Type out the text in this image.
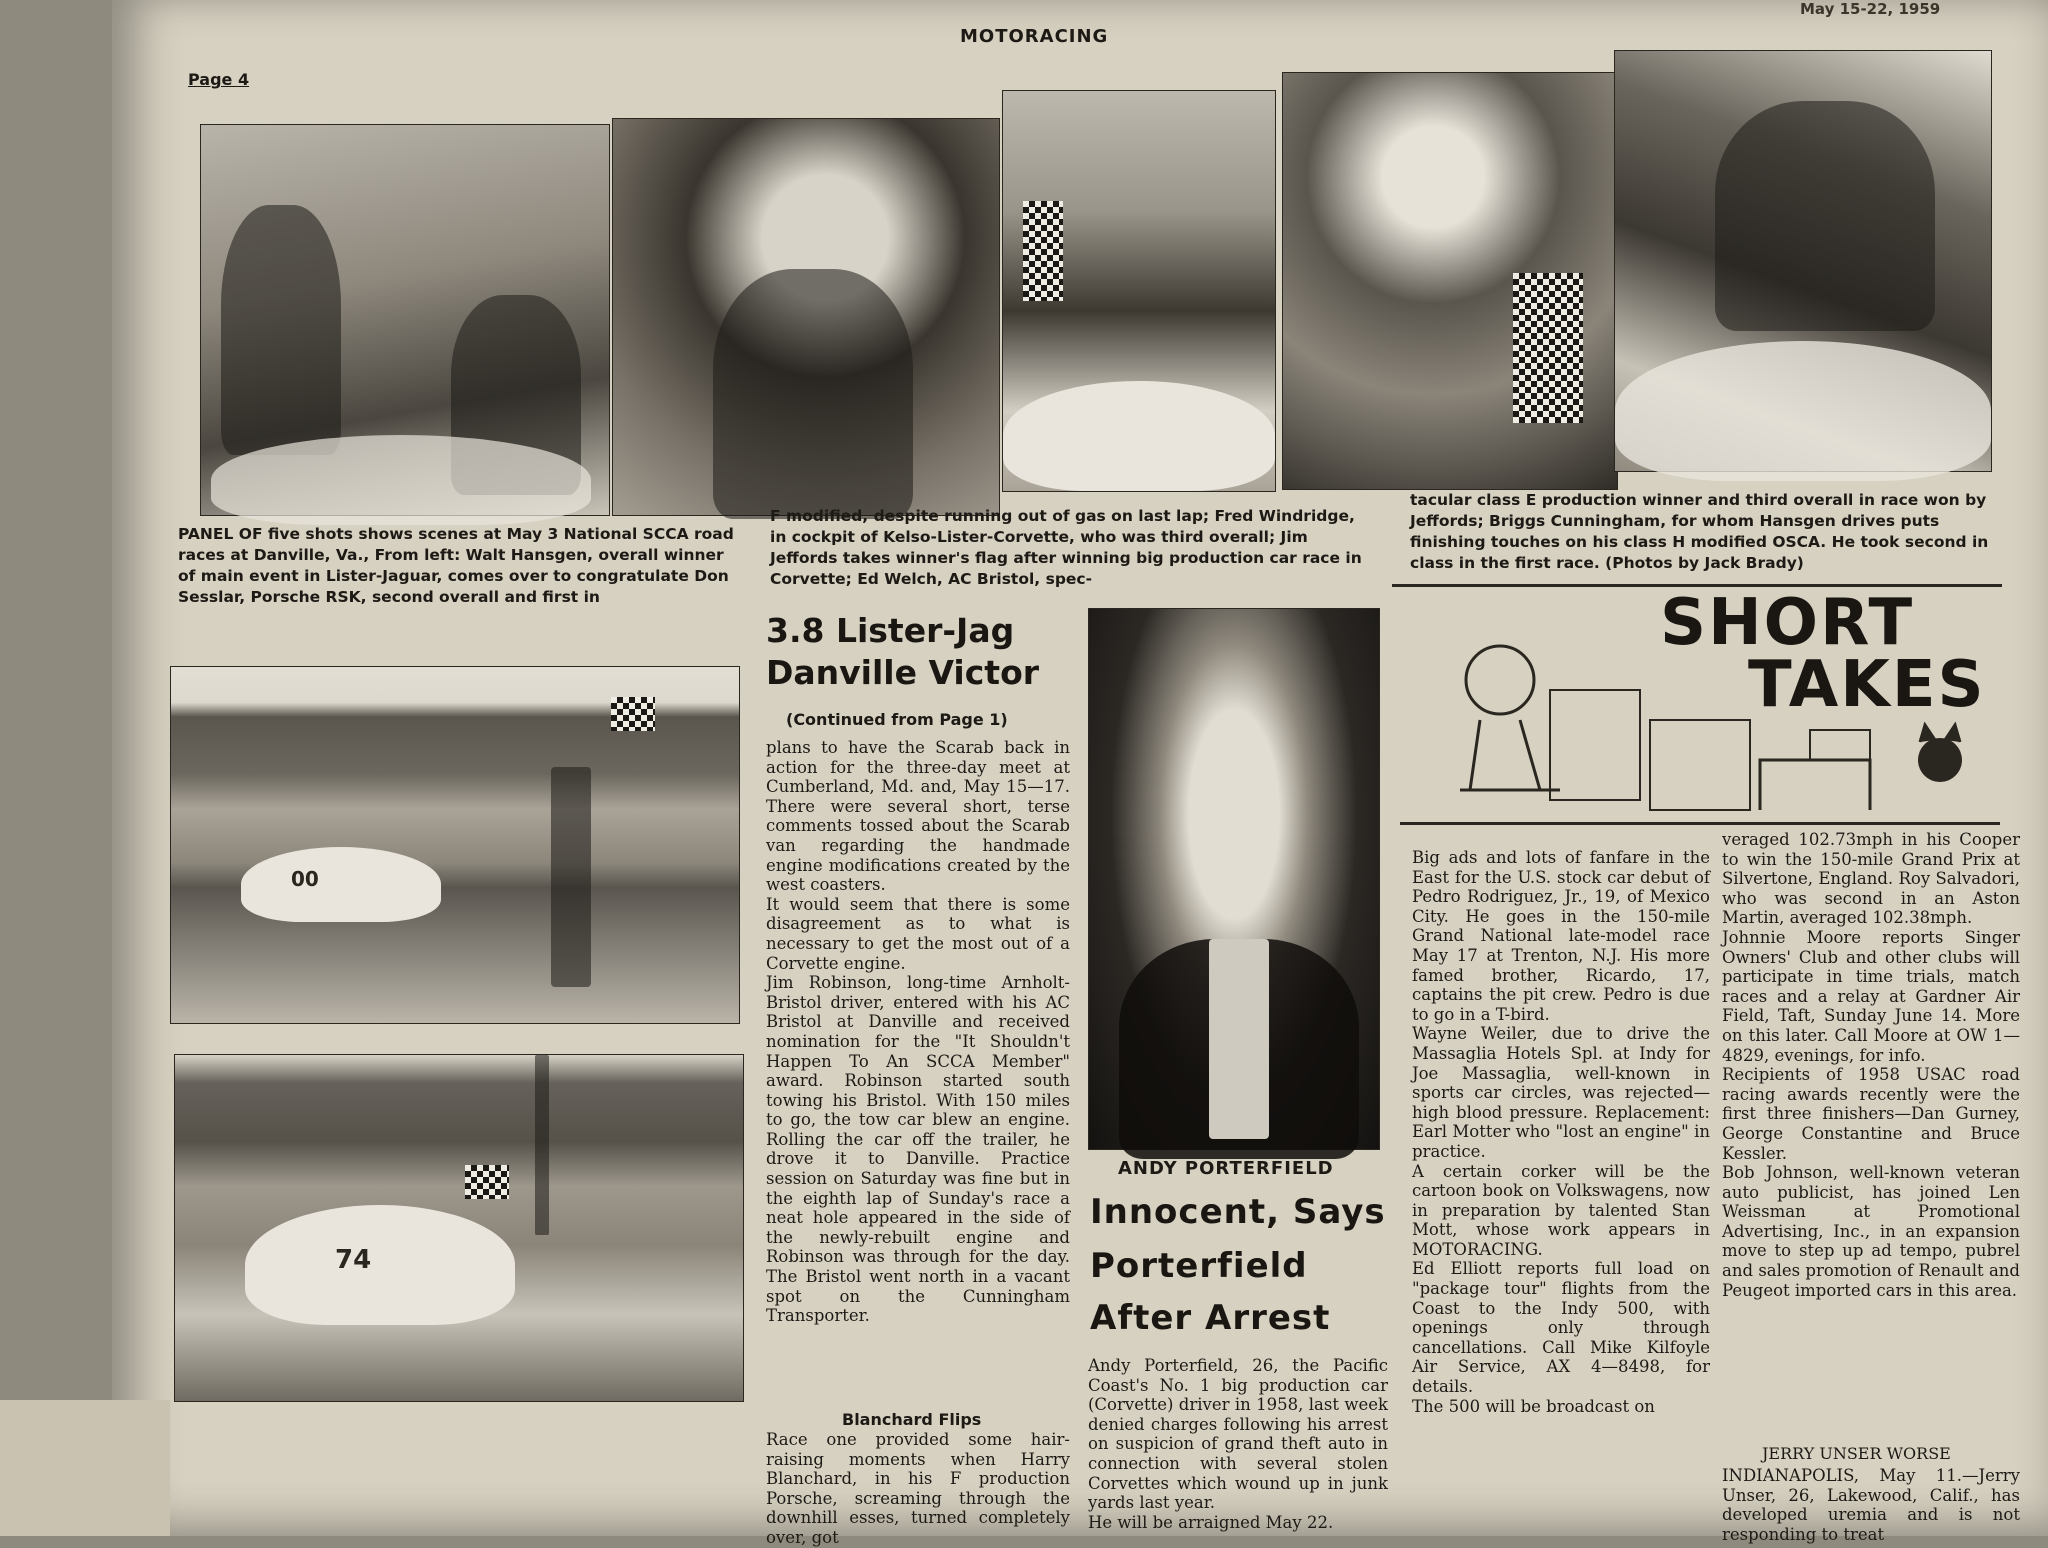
May 15-22, 1959
MOTORACING
Page 4
PANEL OF five shots shows scenes at May 3 National SCCA road races at Danville, Va., From left: Walt Hansgen, overall winner of main event in Lister-Jaguar, comes over to congratulate Don Sesslar, Porsche RSK, second overall and first in
F modified, despite running out of gas on last lap; Fred Windridge, in cockpit of Kelso-Lister-Corvette, who was third overall; Jim Jeffords takes winner's flag after winning big production car race in Corvette; Ed Welch, AC Bristol, spec-
tacular class E production winner and third overall in race won by Jeffords; Briggs Cunningham, for whom Hansgen drives puts finishing touches on his class H modified OSCA. He took second in class in the first race. (Photos by Jack Brady)
00
74
3.8 Lister-Jag Danville Victor
(Continued from Page 1)
plans to have the Scarab back in action for the three-day meet at Cumberland, Md. and, May 15—17. There were several short, terse comments tossed about the Scarab van regarding the handmade engine modifications created by the west coasters.
It would seem that there is some disagreement as to what is necessary to get the most out of a Corvette engine.
Jim Robinson, long-time Arnholt-Bristol driver, entered with his AC Bristol at Danville and received nomination for the "It Shouldn't Happen To An SCCA Member" award. Robinson started south towing his Bristol. With 150 miles to go, the tow car blew an engine. Rolling the car off the trailer, he drove it to Danville. Practice session on Saturday was fine but in the eighth lap of Sunday's race a neat hole appeared in the side of the newly-rebuilt engine and Robinson was through for the day. The Bristol went north in a vacant spot on the Cunningham Transporter.
Blanchard Flips
Race one provided some hair-raising moments when Harry Blanchard, in his F production Porsche, screaming through the downhill esses, turned completely over, got
ANDY PORTERFIELD
Innocent, Says
Porterfield
After Arrest
Andy Porterfield, 26, the Pacific Coast's No. 1 big production car (Corvette) driver in 1958, last week denied charges following his arrest on suspicion of grand theft auto in connection with several stolen Corvettes which wound up in junk yards last year.
He will be arraigned May 22.
SHORT
TAKES
Big ads and lots of fanfare in the East for the U.S. stock car debut of Pedro Rodriguez, Jr., 19, of Mexico City. He goes in the 150-mile Grand National late-model race May 17 at Trenton, N.J. His more famed brother, Ricardo, 17, captains the pit crew. Pedro is due to go in a T-bird.
Wayne Weiler, due to drive the Massaglia Hotels Spl. at Indy for Joe Massaglia, well-known in sports car circles, was rejected—high blood pressure. Replacement: Earl Motter who "lost an engine" in practice.
A certain corker will be the cartoon book on Volkswagens, now in preparation by talented Stan Mott, whose work appears in MOTORACING.
Ed Elliott reports full load on "package tour" flights from the Coast to the Indy 500, with openings only through cancellations. Call Mike Kilfoyle Air Service, AX 4—8498, for details.
The 500 will be broadcast on
veraged 102.73mph in his Cooper to win the 150-mile Grand Prix at Silvertone, England. Roy Salvadori, who was second in an Aston Martin, averaged 102.38mph.
Johnnie Moore reports Singer Owners' Club and other clubs will participate in time trials, match races and a relay at Gardner Air Field, Taft, Sunday June 14. More on this later. Call Moore at OW 1—4829, evenings, for info.
Recipients of 1958 USAC road racing awards recently were the first three finishers—Dan Gurney, George Constantine and Bruce Kessler.
Bob Johnson, well-known veteran auto publicist, has joined Len Weissman at Promotional Advertising, Inc., in an expansion move to step up ad tempo, pubrel and sales promotion of Renault and Peugeot imported cars in this area.
JERRY UNSER WORSE
INDIANAPOLIS, May 11.—Jerry Unser, 26, Lakewood, Calif., has developed uremia and is not responding to treat
